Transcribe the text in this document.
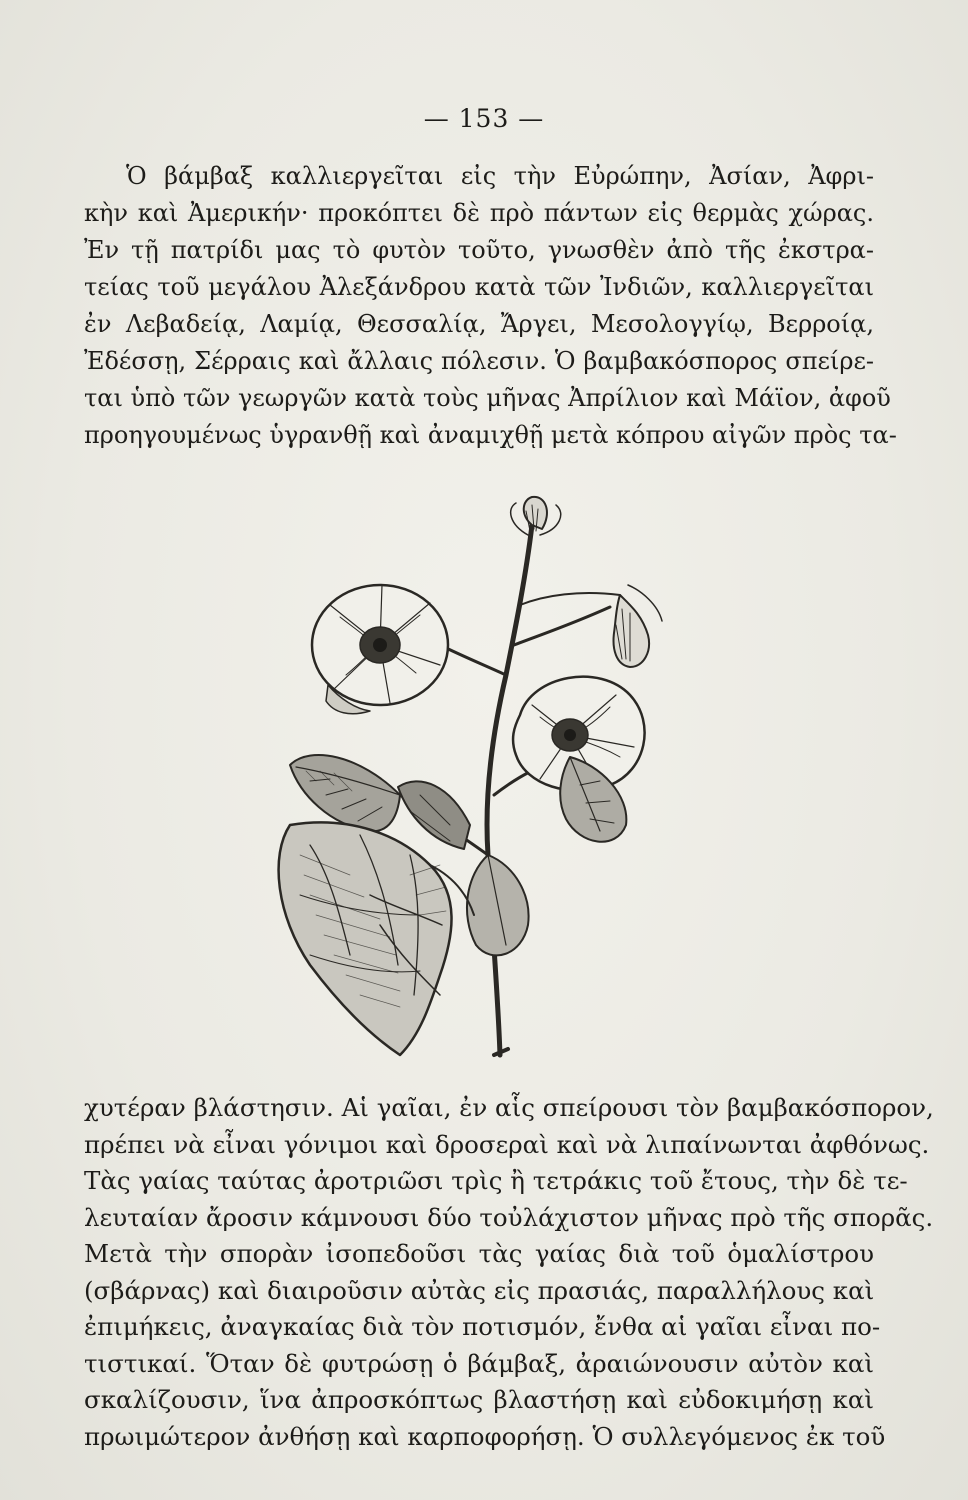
— 153 —
Ὁ βάμβαξ καλλιεργεῖται εἰς τὴν Εὐρώπην, Ἀσίαν, Ἀφρι-
κὴν καὶ Ἀμερικήν· προκόπτει δὲ πρὸ πάντων εἰς θερμὰς χώρας.
Ἐν τῇ πατρίδι μας τὸ φυτὸν τοῦτο, γνωσθὲν ἀπὸ τῆς ἐκστρα-
τείας τοῦ μεγάλου Ἀλεξάνδρου κατὰ τῶν Ἰνδιῶν, καλλιεργεῖται
ἐν Λεβαδείᾳ, Λαμίᾳ, Θεσσαλίᾳ, Ἄργει, Μεσολογγίῳ, Βερροίᾳ,
Ἐδέσσῃ, Σέρραις καὶ ἄλλαις πόλεσιν. Ὁ βαμβακόσπορος σπείρε-
ται ὑπὸ τῶν γεωργῶν κατὰ τοὺς μῆνας Ἀπρίλιον καὶ Μάϊον, ἀφοῦ
προηγουμένως ὑγρανθῇ καὶ ἀναμιχθῇ μετὰ κόπρου αἰγῶν πρὸς τα-
χυτέραν βλάστησιν. Αἱ γαῖαι, ἐν αἷς σπείρουσι τὸν βαμβακόσπορον,
πρέπει νὰ εἶναι γόνιμοι καὶ δροσεραὶ καὶ νὰ λιπαίνωνται ἀφθόνως.
Τὰς γαίας ταύτας ἀροτριῶσι τρὶς ἢ τετράκις τοῦ ἔτους, τὴν δὲ τε-
λευταίαν ἄροσιν κάμνουσι δύο τοὐλάχιστον μῆνας πρὸ τῆς σπορᾶς.
Μετὰ τὴν σπορὰν ἰσοπεδοῦσι τὰς γαίας διὰ τοῦ ὁμαλίστρου
(σβάρνας) καὶ διαιροῦσιν αὐτὰς εἰς πρασιάς, παραλλήλους καὶ
ἐπιμήκεις, ἀναγκαίας διὰ τὸν ποτισμόν, ἔνθα αἱ γαῖαι εἶναι πο-
τιστικαί. Ὅταν δὲ φυτρώσῃ ὁ βάμβαξ, ἀραιώνουσιν αὐτὸν καὶ
σκαλίζουσιν, ἵνα ἀπροσκόπτως βλαστήσῃ καὶ εὐδοκιμήσῃ καὶ
πρωιμώτερον ἀνθήσῃ καὶ καρποφορήσῃ. Ὁ συλλεγόμενος ἐκ τοῦ
